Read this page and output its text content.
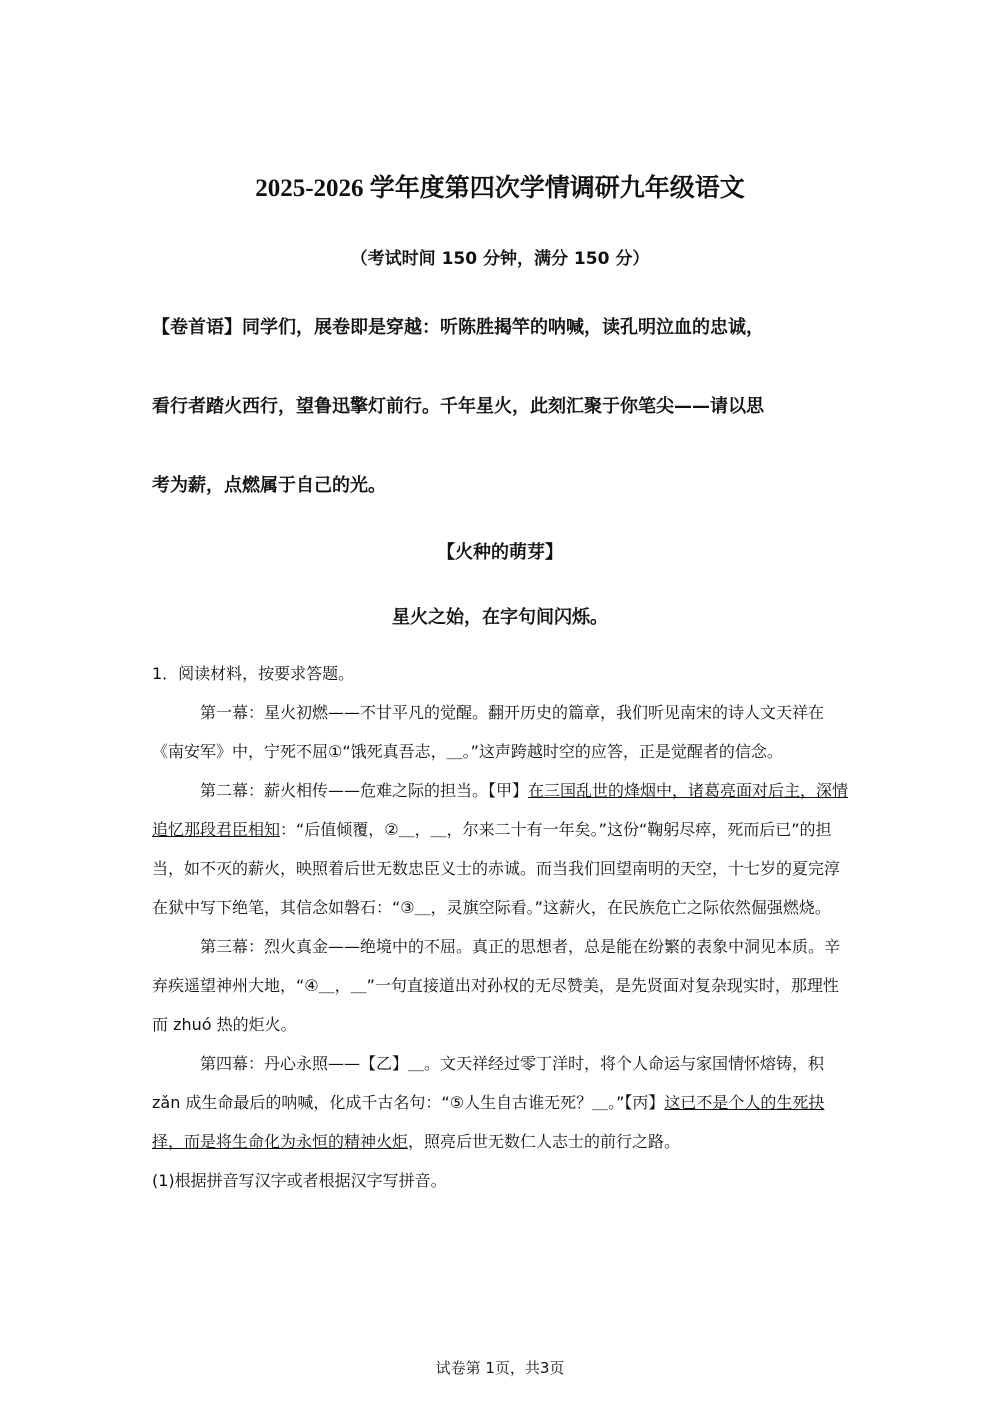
2025-2026 学年度第四次学情调研九年级语文
（考试时间 150 分钟，满分 150 分）
【卷首语】同学们，展卷即是穿越：听陈胜揭竿的呐喊，读孔明泣血的忠诚，
看行者踏火西行，望鲁迅擎灯前行。千年星火，此刻汇聚于你笔尖——请以思
考为薪，点燃属于自己的光。
【火种的萌芽】
星火之始，在字句间闪烁。

1．阅读材料，按要求答题。

第一幕：星火初燃——不甘平凡的觉醒。翻开历史的篇章，我们听见南宋的诗人文天祥在《南安军》中，宁死不屈①“饿死真吾志，＿。”这声跨越时空的应答，正是觉醒者的信念。

第二幕：薪火相传——危难之际的担当。【甲】在三国乱世的烽烟中，诸葛亮面对后主，深情追忆那段君臣相知：“后值倾覆，②＿，＿，尔来二十有一年矣。”这份“鞠躬尽瘁，死而后已”的担当，如不灭的薪火，映照着后世无数忠臣义士的赤诚。而当我们回望南明的天空，十七岁的夏完淳在狱中写下绝笔，其信念如磐石：“③＿，灵旗空际看。”这薪火，在民族危亡之际依然倔强燃烧。

第三幕：烈火真金——绝境中的不屈。真正的思想者，总是能在纷繁的表象中洞见本质。辛弃疾遥望神州大地，“④＿，＿”一句直接道出对孙权的无尽赞美，是先贤面对复杂现实时，那理性而 zhuó 热的炬火。

第四幕：丹心永照——【乙】＿。文天祥经过零丁洋时，将个人命运与家国情怀熔铸，积 zǎn 成生命最后的呐喊，化成千古名句：“⑤人生自古谁无死？＿。”【丙】这已不是个人的生死抉择，而是将生命化为永恒的精神火炬，照亮后世无数仁人志士的前行之路。

(1)根据拼音写汉字或者根据汉字写拼音。

试卷第 1页，共3页
